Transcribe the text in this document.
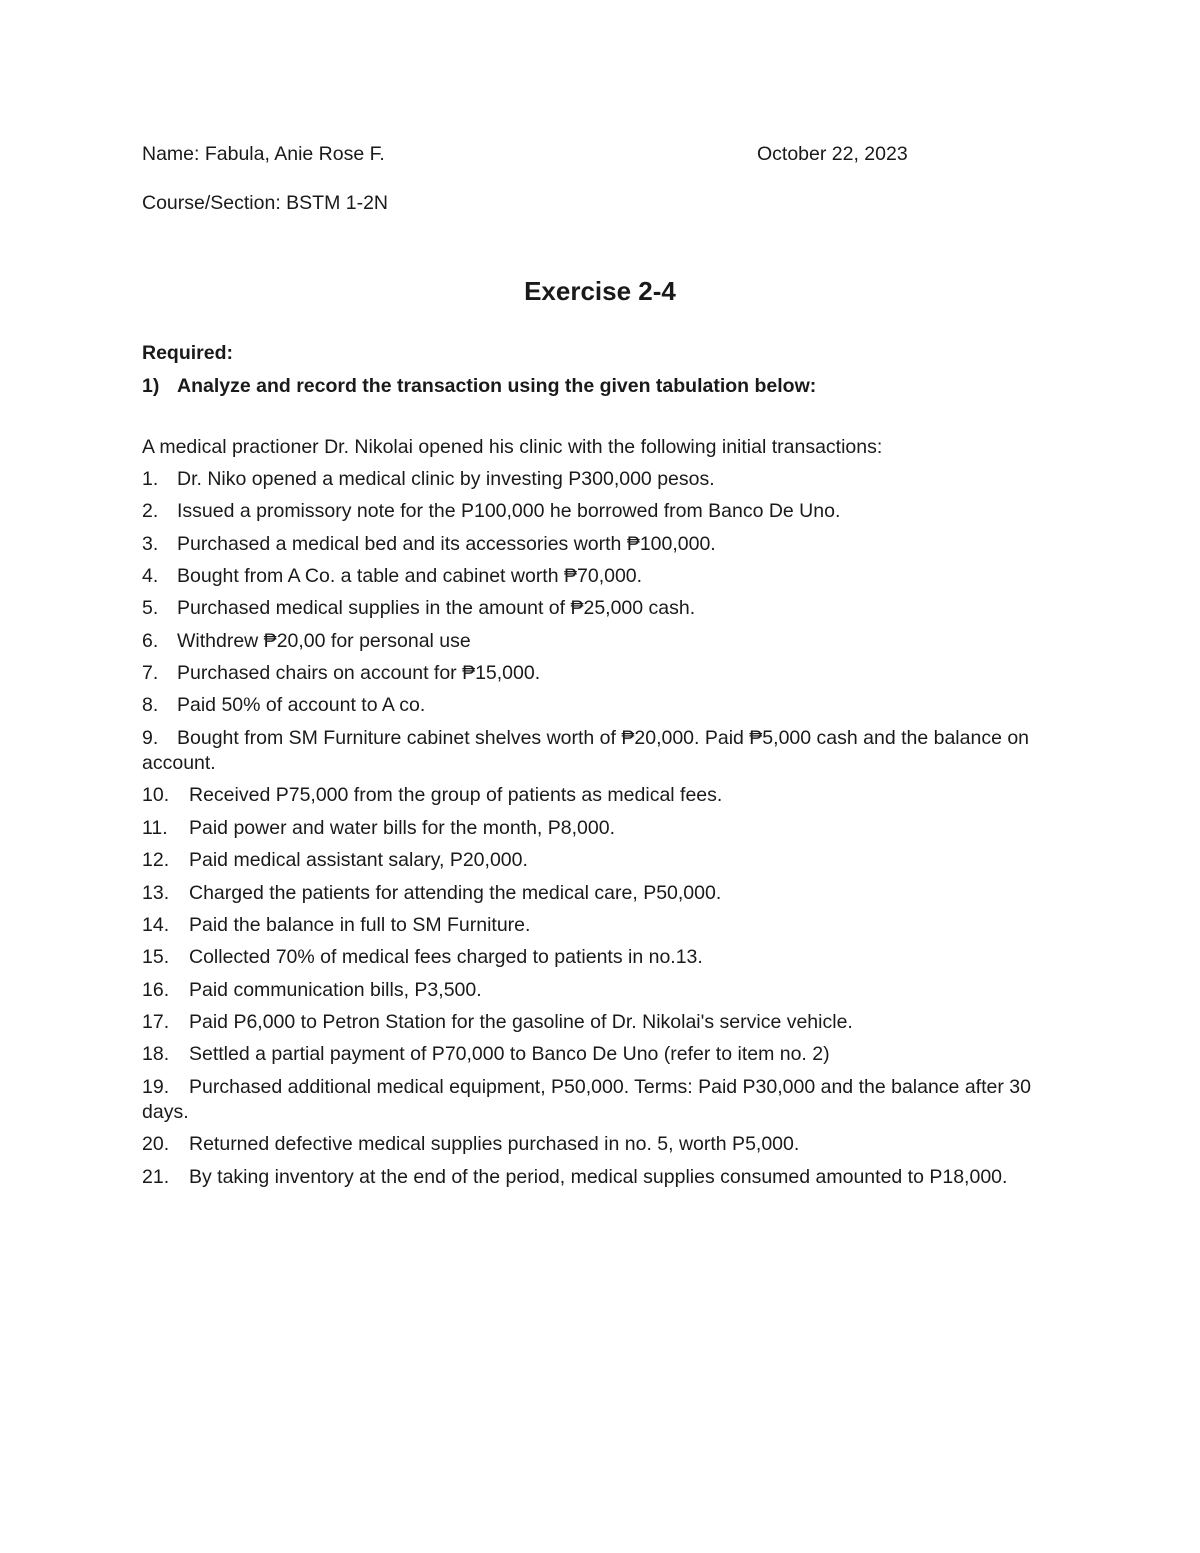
Name: Fabula, Anie Rose F.	October 22, 2023
Course/Section: BSTM 1-2N
Exercise 2-4
Required:
1) Analyze and record the transaction using the given tabulation below:
A medical practioner Dr. Nikolai opened his clinic with the following initial transactions:
1. Dr. Niko opened a medical clinic by investing P300,000 pesos.
2. Issued a promissory note for the P100,000 he borrowed from Banco De Uno.
3. Purchased a medical bed and its accessories worth ₱100,000.
4. Bought from A Co. a table and cabinet worth ₱70,000.
5. Purchased medical supplies in the amount of ₱25,000 cash.
6. Withdrew ₱20,00 for personal use
7. Purchased chairs on account for ₱15,000.
8. Paid 50% of account to A co.
9. Bought from SM Furniture cabinet shelves worth of ₱20,000. Paid ₱5,000 cash and the balance on account.
10. Received P75,000 from the group of patients as medical fees.
11. Paid power and water bills for the month, P8,000.
12. Paid medical assistant salary, P20,000.
13. Charged the patients for attending the medical care, P50,000.
14. Paid the balance in full to SM Furniture.
15. Collected 70% of medical fees charged to patients in no.13.
16. Paid communication bills, P3,500.
17. Paid P6,000 to Petron Station for the gasoline of Dr. Nikolai's service vehicle.
18. Settled a partial payment of P70,000 to Banco De Uno (refer to item no. 2)
19. Purchased additional medical equipment, P50,000. Terms: Paid P30,000 and the balance after 30 days.
20. Returned defective medical supplies purchased in no. 5, worth P5,000.
21. By taking inventory at the end of the period, medical supplies consumed amounted to P18,000.
